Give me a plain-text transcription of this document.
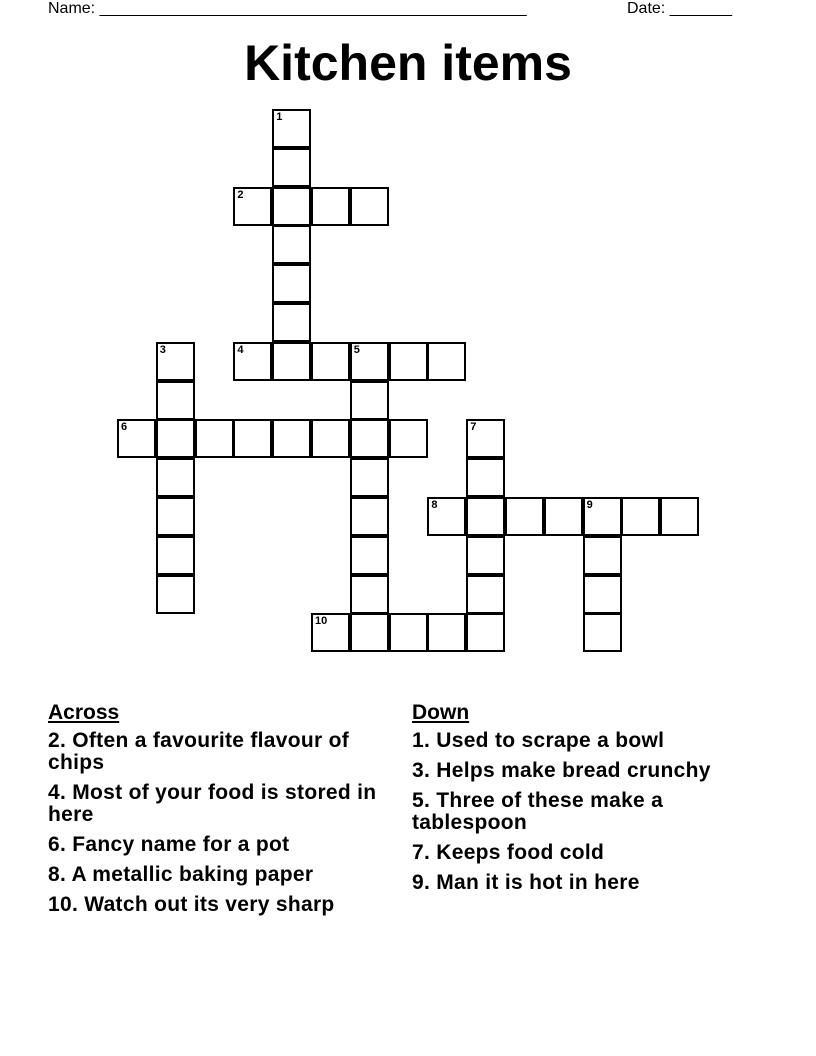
Name: ________________________________________________	Date: _______
Kitchen items
1
2
3	4	5
6	7
8	9
10
Across
2. Often a favourite flavour of chips
4. Most of your food is stored in here
6. Fancy name for a pot
8. A metallic baking paper
10. Watch out its very sharp
Down
1. Used to scrape a bowl
3. Helps make bread crunchy
5. Three of these make a tablespoon
7. Keeps food cold
9. Man it is hot in here
